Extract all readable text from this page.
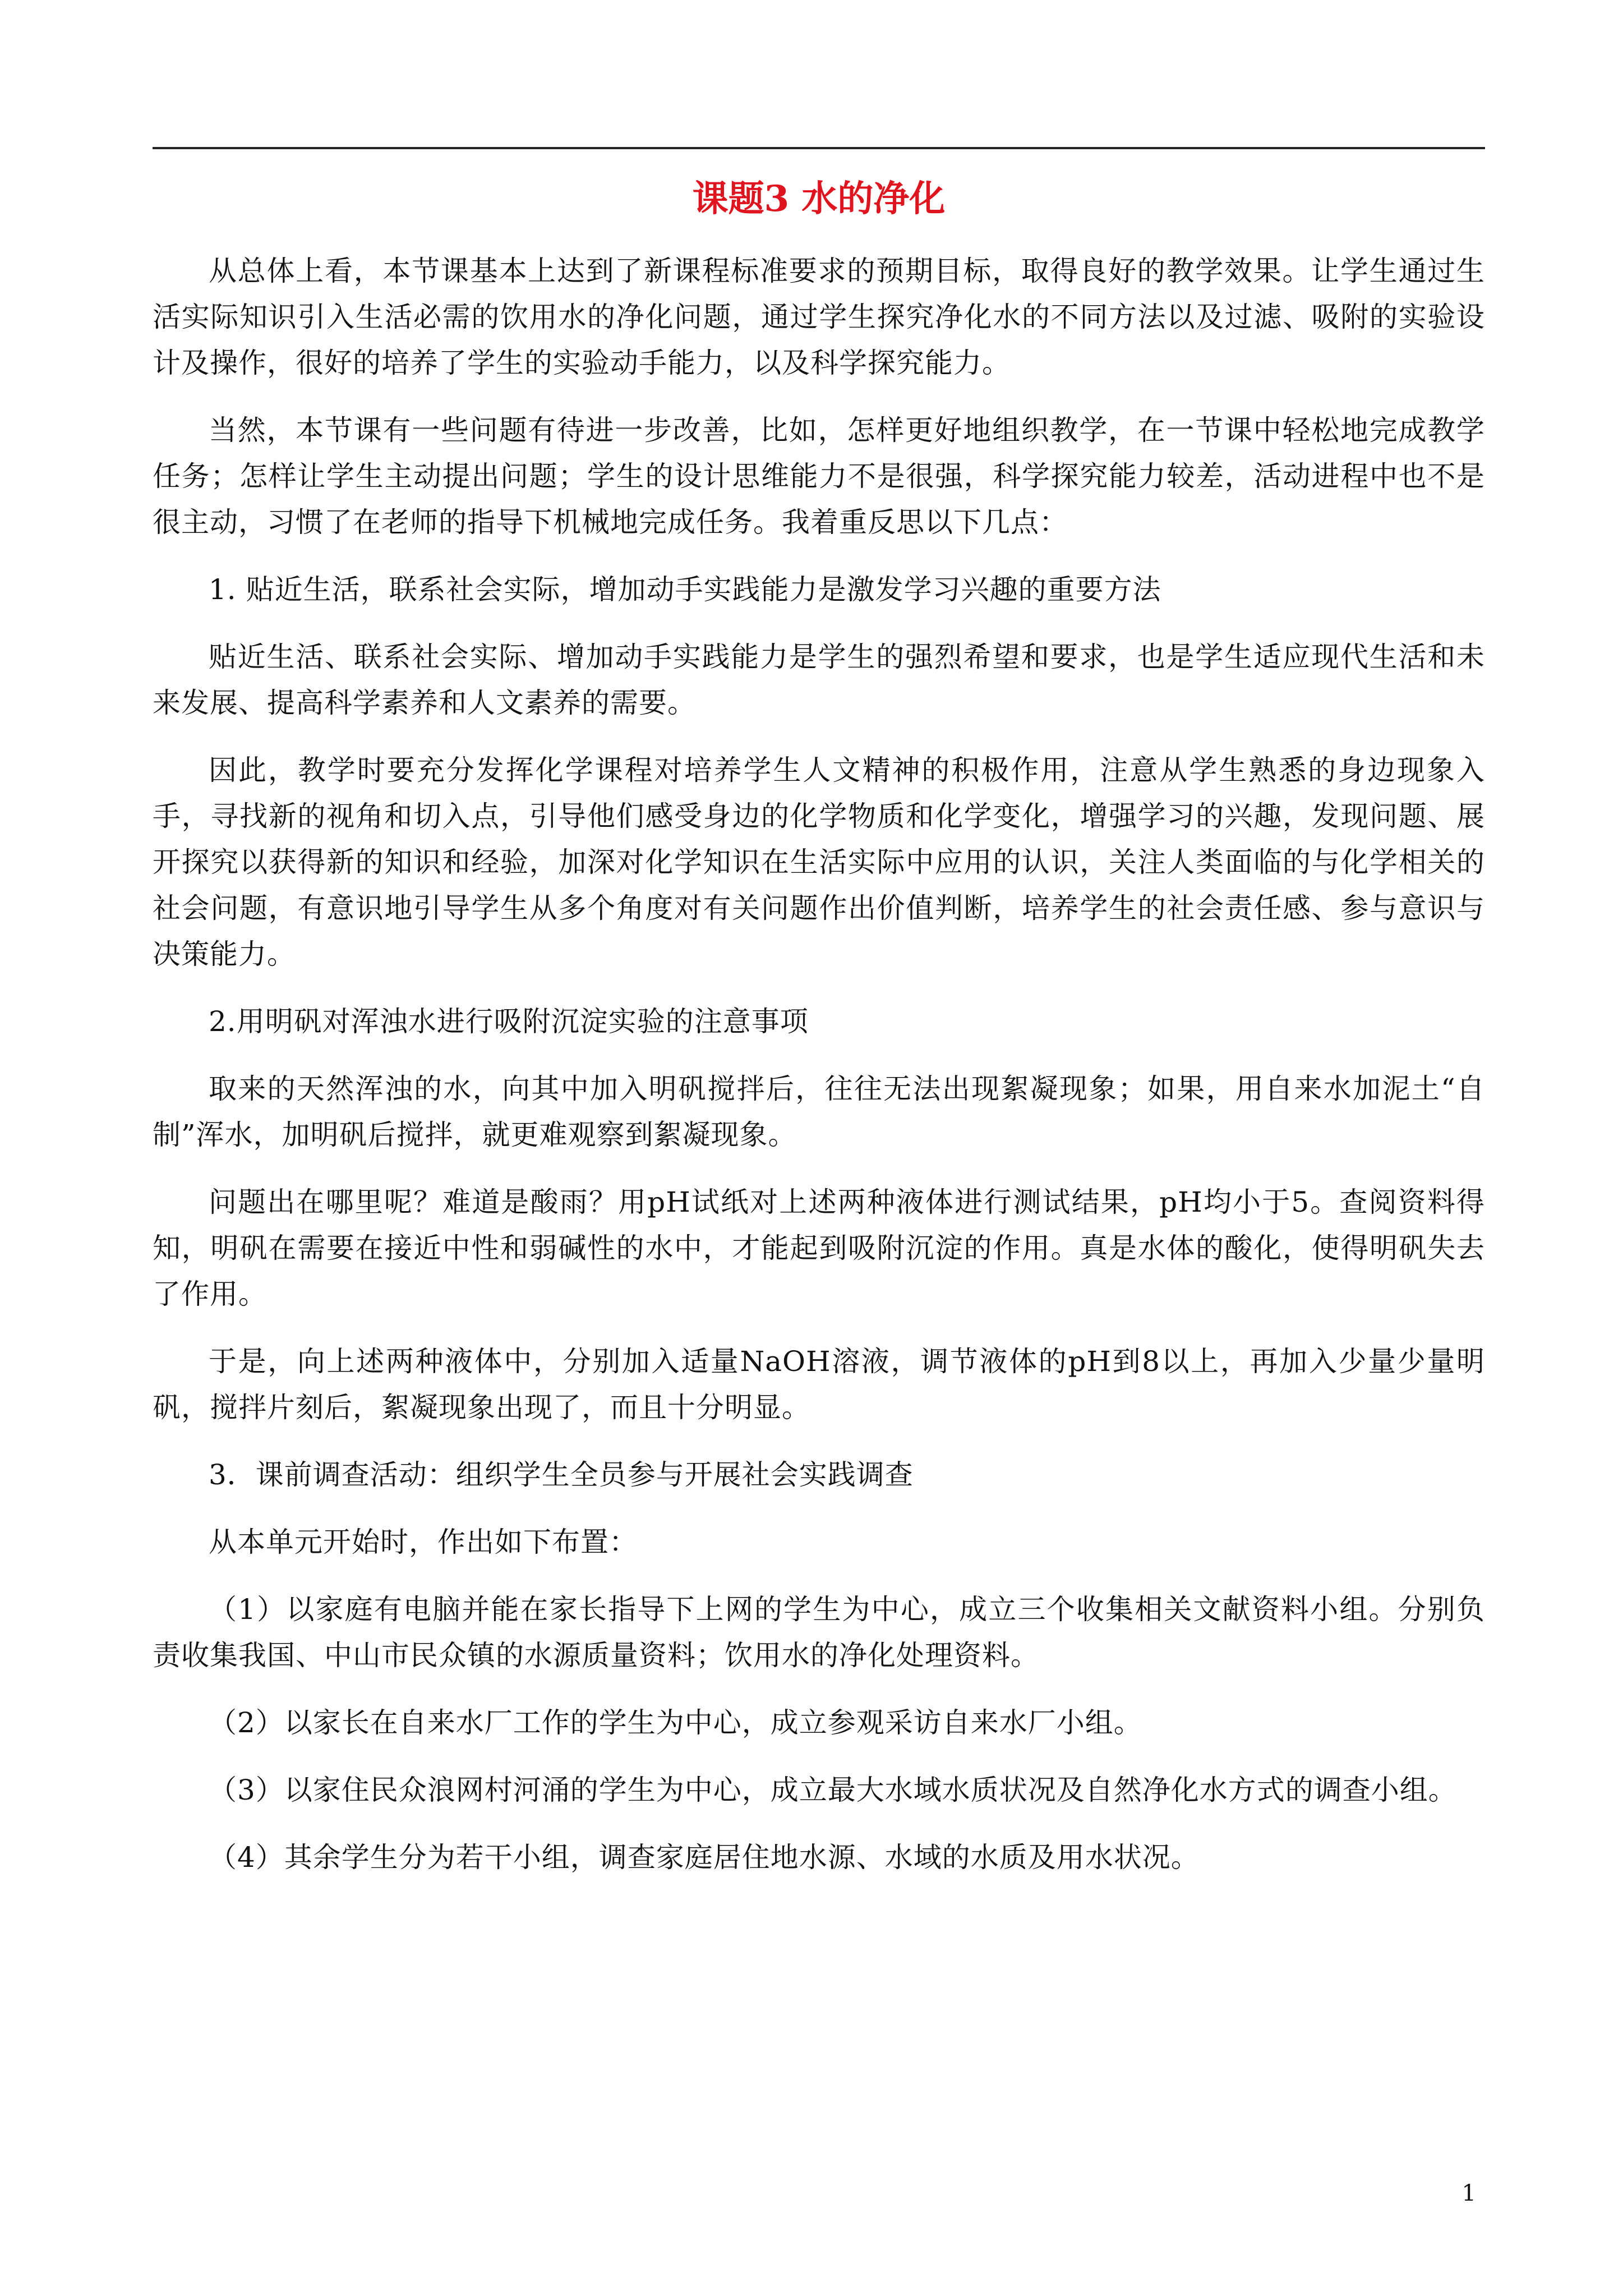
课题3 水的净化

从总体上看，本节课基本上达到了新课程标准要求的预期目标，取得良好的教学效果。让学生通过生活实际知识引入生活必需的饮用水的净化问题，通过学生探究净化水的不同方法以及过滤、吸附的实验设计及操作，很好的培养了学生的实验动手能力，以及科学探究能力。

当然，本节课有一些问题有待进一步改善，比如，怎样更好地组织教学，在一节课中轻松地完成教学任务；怎样让学生主动提出问题；学生的设计思维能力不是很强，科学探究能力较差，活动进程中也不是很主动，习惯了在老师的指导下机械地完成任务。我着重反思以下几点：

1. 贴近生活，联系社会实际，增加动手实践能力是激发学习兴趣的重要方法

贴近生活、联系社会实际、增加动手实践能力是学生的强烈希望和要求，也是学生适应现代生活和未来发展、提高科学素养和人文素养的需要。

因此，教学时要充分发挥化学课程对培养学生人文精神的积极作用，注意从学生熟悉的身边现象入手，寻找新的视角和切入点，引导他们感受身边的化学物质和化学变化，增强学习的兴趣，发现问题、展开探究以获得新的知识和经验，加深对化学知识在生活实际中应用的认识，关注人类面临的与化学相关的社会问题，有意识地引导学生从多个角度对有关问题作出价值判断，培养学生的社会责任感、参与意识与决策能力。

2.用明矾对浑浊水进行吸附沉淀实验的注意事项

取来的天然浑浊的水，向其中加入明矾搅拌后，往往无法出现絮凝现象；如果，用自来水加泥土“自制”浑水，加明矾后搅拌，就更难观察到絮凝现象。

问题出在哪里呢？难道是酸雨？用pH试纸对上述两种液体进行测试结果，pH均小于5。查阅资料得知，明矾在需要在接近中性和弱碱性的水中，才能起到吸附沉淀的作用。真是水体的酸化，使得明矾失去了作用。

于是，向上述两种液体中，分别加入适量NaOH溶液，调节液体的pH到8以上，再加入少量少量明矾，搅拌片刻后，絮凝现象出现了，而且十分明显。

3．课前调查活动：组织学生全员参与开展社会实践调查

从本单元开始时，作出如下布置：

（1）以家庭有电脑并能在家长指导下上网的学生为中心，成立三个收集相关文献资料小组。分别负责收集我国、中山市民众镇的水源质量资料；饮用水的净化处理资料。

（2）以家长在自来水厂工作的学生为中心，成立参观采访自来水厂小组。

（3）以家住民众浪网村河涌的学生为中心，成立最大水域水质状况及自然净化水方式的调查小组。

（4）其余学生分为若干小组，调查家庭居住地水源、水域的水质及用水状况。

1
